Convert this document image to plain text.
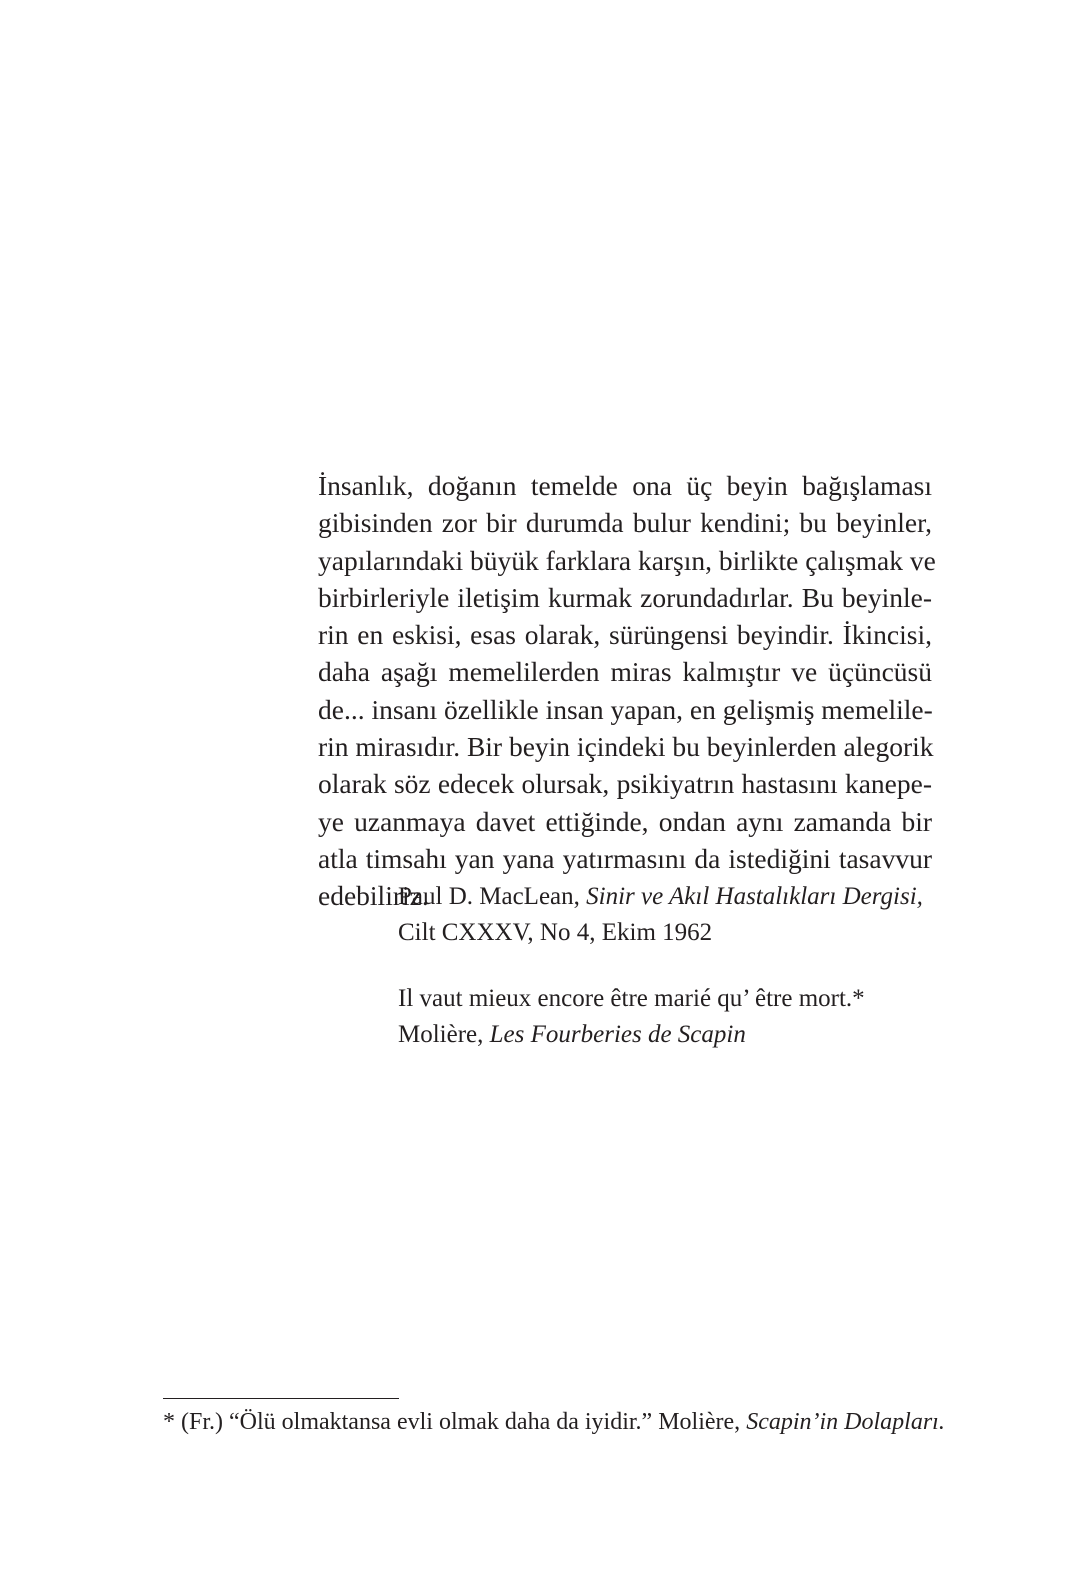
İnsanlık, doğanın temelde ona üç beyin bağışlaması
gibisinden zor bir durumda bulur kendini; bu beyinler,
yapılarındaki büyük farklara karşın, birlikte çalışmak ve
birbirleriyle iletişim kurmak zorundadırlar. Bu beyinle-
rin en eskisi, esas olarak, sürüngensi beyindir. İkincisi,
daha aşağı memelilerden miras kalmıştır ve üçüncüsü
de... insanı özellikle insan yapan, en gelişmiş memelile-
rin mirasıdır. Bir beyin içindeki bu beyinlerden alegorik
olarak söz edecek olursak, psikiyatrın hastasını kanepe-
ye uzanmaya davet ettiğinde, ondan aynı zamanda bir
atla timsahı yan yana yatırmasını da istediğini tasavvur
edebiliriz.
Paul D. MacLean, Sinir ve Akıl Hastalıkları Dergisi,
Cilt CXXXV, No 4, Ekim 1962
Il vaut mieux encore être marié qu’ être mort.*
Molière, Les Fourberies de Scapin
* (Fr.) “Ölü olmaktansa evli olmak daha da iyidir.” Molière, Scapin’in Dolapları.
